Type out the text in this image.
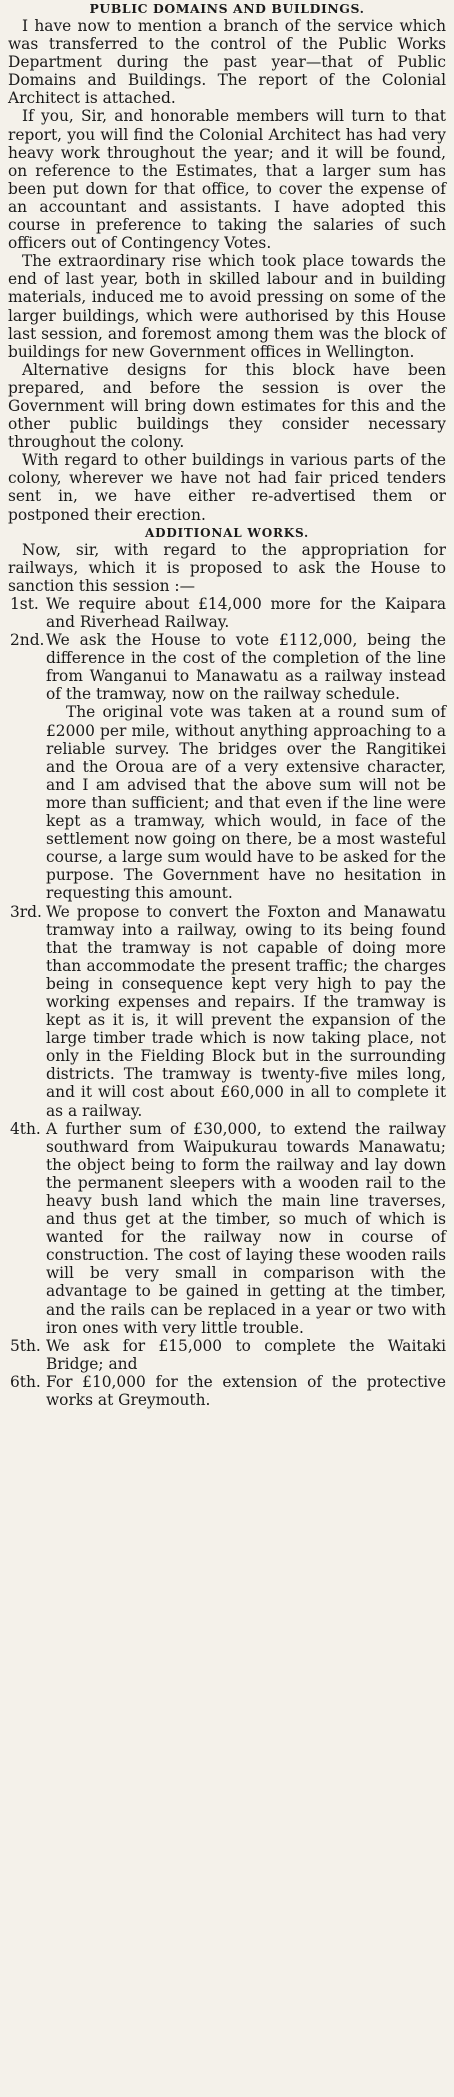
PUBLIC DOMAINS AND BUILDINGS.

I have now to mention a branch of the service which was transferred to the control of the Public Works Department during the past year—that of Public Domains and Buildings. The report of the Colonial Architect is attached.

If you, Sir, and honorable members will turn to that report, you will find the Colonial Architect has had very heavy work throughout the year; and it will be found, on reference to the Estimates, that a larger sum has been put down for that office, to cover the expense of an accountant and assistants. I have adopted this course in preference to taking the salaries of such officers out of Contingency Votes.

The extraordinary rise which took place towards the end of last year, both in skilled labour and in building materials, induced me to avoid pressing on some of the larger buildings, which were authorised by this House last session, and foremost among them was the block of buildings for new Government offices in Wellington.

Alternative designs for this block have been prepared, and before the session is over the Government will bring down estimates for this and the other public buildings they consider necessary throughout the colony.

With regard to other buildings in various parts of the colony, wherever we have not had fair priced tenders sent in, we have either re-advertised them or postponed their erection.

ADDITIONAL WORKS.

Now, sir, with regard to the appropriation for railways, which it is proposed to ask the House to sanction this session :—

1st. We require about £14,000 more for the Kaipara and Riverhead Railway.

2nd. We ask the House to vote £112,000, being the difference in the cost of the completion of the line from Wanganui to Manawatu as a railway instead of the tramway, now on the railway schedule.

The original vote was taken at a round sum of £2000 per mile, without anything approaching to a reliable survey. The bridges over the Rangitikei and the Oroua are of a very extensive character, and I am advised that the above sum will not be more than sufficient; and that even if the line were kept as a tramway, which would, in face of the settlement now going on there, be a most wasteful course, a large sum would have to be asked for the purpose. The Government have no hesitation in requesting this amount.

3rd. We propose to convert the Foxton and Manawatu tramway into a railway, owing to its being found that the tramway is not capable of doing more than accommodate the present traffic; the charges being in consequence kept very high to pay the working expenses and repairs. If the tramway is kept as it is, it will prevent the expansion of the large timber trade which is now taking place, not only in the Fielding Block but in the surrounding districts. The tramway is twenty-five miles long, and it will cost about £60,000 in all to complete it as a railway.

4th. A further sum of £30,000, to extend the railway southward from Waipukurau towards Manawatu; the object being to form the railway and lay down the permanent sleepers with a wooden rail to the heavy bush land which the main line traverses, and thus get at the timber, so much of which is wanted for the railway now in course of construction. The cost of laying these wooden rails will be very small in comparison with the advantage to be gained in getting at the timber, and the rails can be replaced in a year or two with iron ones with very little trouble.

5th. We ask for £15,000 to complete the Waitaki Bridge; and

6th. For £10,000 for the extension of the protective works at Greymouth.
